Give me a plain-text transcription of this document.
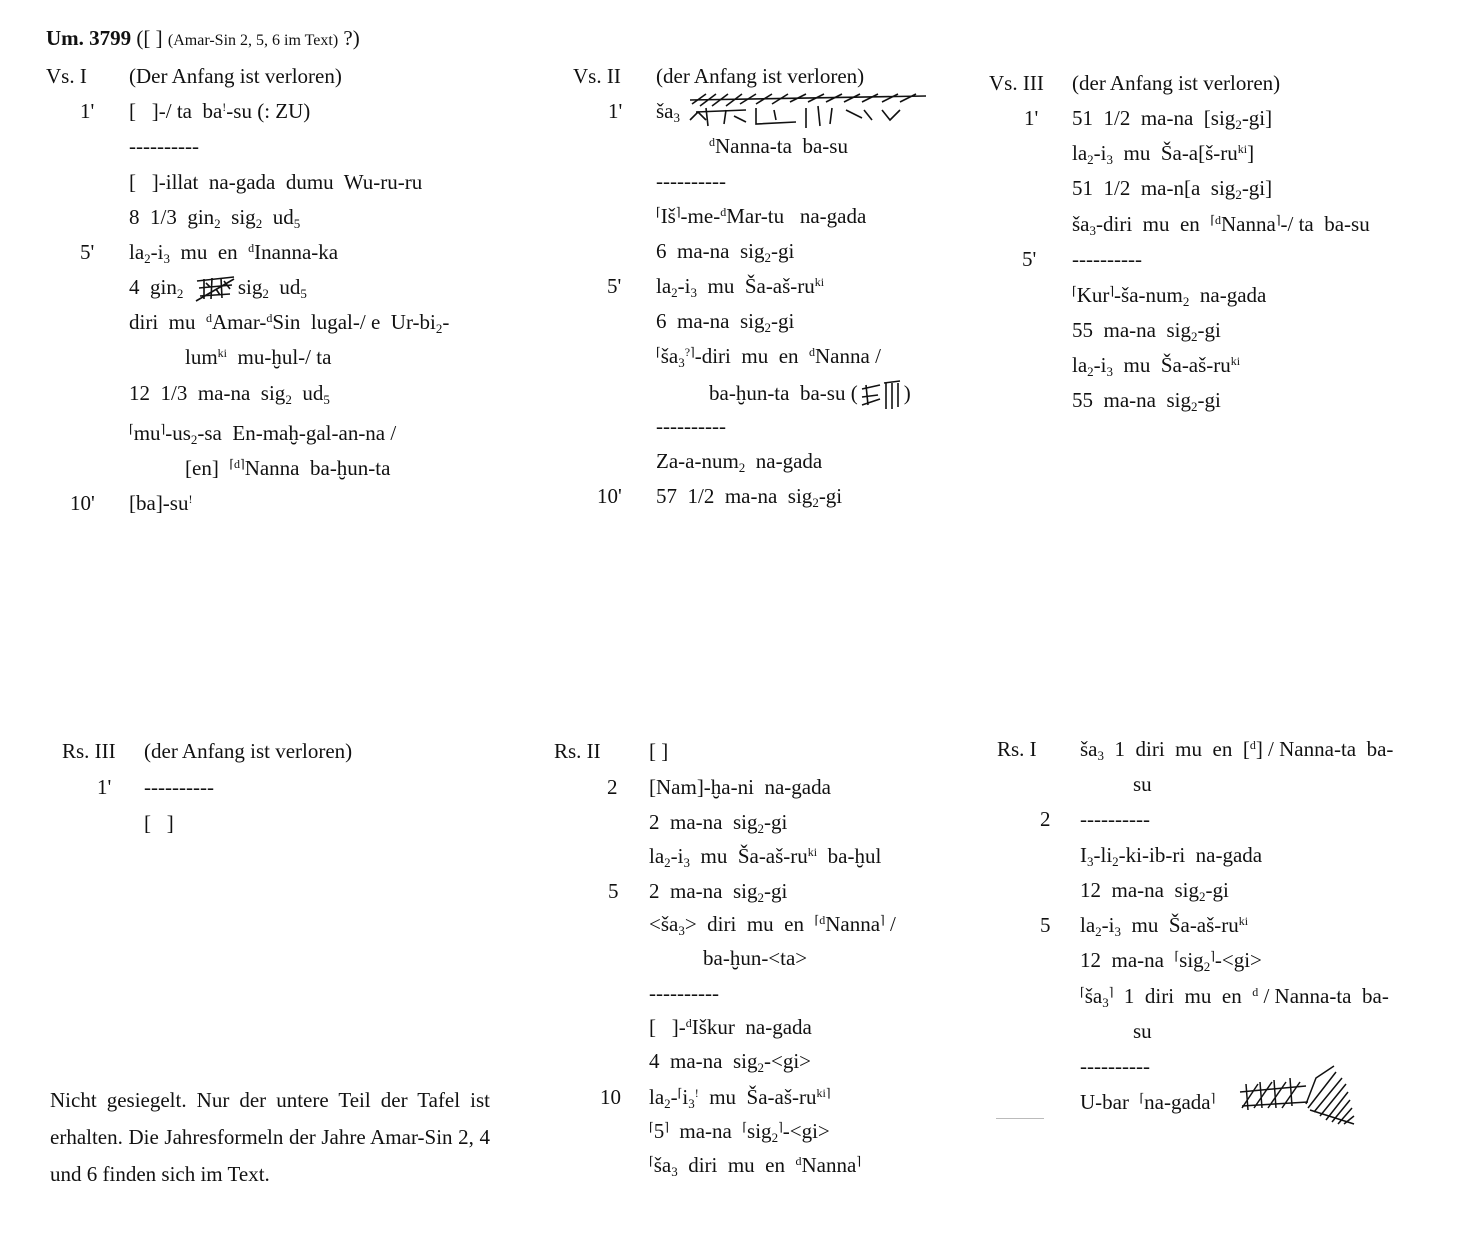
Um. 3799 ([ ] (Amar-Sin 2, 5, 6 im Text) ?)
Vs. I (Der Anfang ist verloren)
1' [   ]-/ ta  ba!-su (: ZU)
----------
[   ]-illat  na-gada  dumu  Wu-ru-ru
8  1/3  gin$_2$  sig$_2$  $ud_5$
5' $la_2-i_3$  mu  en  $^d$Inanna-ka
4  gin$_2$	sig$_2$  $ud_5$
diri  mu  $^d$Amar-$^d$Sin  lugal-/ e  $Ur-bi_2-$
lum$^{ki}$  mu-ḫul-/ ta
12  1/3  ma-na  sig$_2$  $ud_5$
$^⌈mu^⌉-us_2-sa$  En-maḫ-gal-an-na /
[en]  $^{⌈d⌉}$Nanna  ba-ḫun-ta
10' [ba]-su!
Vs. II (der Anfang ist verloren)
1' $ša_3$
$^d$Nanna-ta  ba-su
----------
⌈Iš⌉-me-$^d$Mar-tu   na-gada
6  ma-na  sig$_2$-gi
5' $la_2-i_3$  mu  $Ša-aš-ru^{ki}$
6  ma-na  sig$_2$-gi
$^⌈ša_3^{?⌉}$-diri  mu  en  $^d$Nanna /
ba-ḫun-ta  ba-su ( )
----------
Za-a-num$_2$  na-gada
10' 57  1/2  ma-na  sig$_2$-gi
Vs. III (der Anfang ist verloren)
1' 51  1/2  ma-na  [sig$_2$-gi]
$la_2-i_3$  mu  $Ša-a[š-ru^{ki}]$
51  1/2  ma-n[a  sig$_2$-gi]
$ša_3$-diri  mu  en  $^{⌈d}$Nanna⌉-/ ta  ba-su
5' ----------
⌈Kur⌉-ša-num$_2$  na-gada
55  ma-na  sig$_2$-gi
$la_2-i_3$  mu  $Ša-aš-ru^{ki}$
55  ma-na  sig$_2$-gi
Rs. III (der Anfang ist verloren)
1' ----------
[   ]
Rs. II [ ]
2 [Nam]-ḫa-ni  na-gada
2  ma-na  sig$_2$-gi
$la_2-i_3$  mu  $Ša-aš-ru^{ki}$  ba-ḫul
5 2  ma-na  sig$_2$-gi
$<ša_3>$  diri  mu  en  $^{⌈d}$Nanna⌉ /
ba-ḫun-<ta>
----------
[   ]-$^d$Iškur  na-gada
4  ma-na  sig$_2$-<gi>
10 $la_2-^⌈i_3^!$  mu  $Ša-aš-ru^{ki⌉}$
⌈5⌉  ma-na  ⌈sig$_2$⌉-<gi>
$^⌈ša_3$  diri  mu  en  $^d$Nanna⌉
Rs. I $ša_3$  1  diri  mu  en  [$^d$] / Nanna-ta  ba-
su
2 ----------
$I_3-li_2-ki-ib-ri$  na-gada
12  ma-na  sig$_2$-gi
5 $la_2-i_3$  mu  $Ša-aš-ru^{ki}$
12  ma-na  ⌈sig$_2$⌉-<gi>
$^⌈ša_3^⌉$  1  diri  mu  en  $^d$ / Nanna-ta  ba-
su
----------
U-bar  ⌈na-gada⌉
Nicht gesiegelt. Nur der untere Teil der Tafel ist erhalten. Die Jahresformeln der Jahre Amar-Sin 2, 4 und 6 finden sich im Text.
